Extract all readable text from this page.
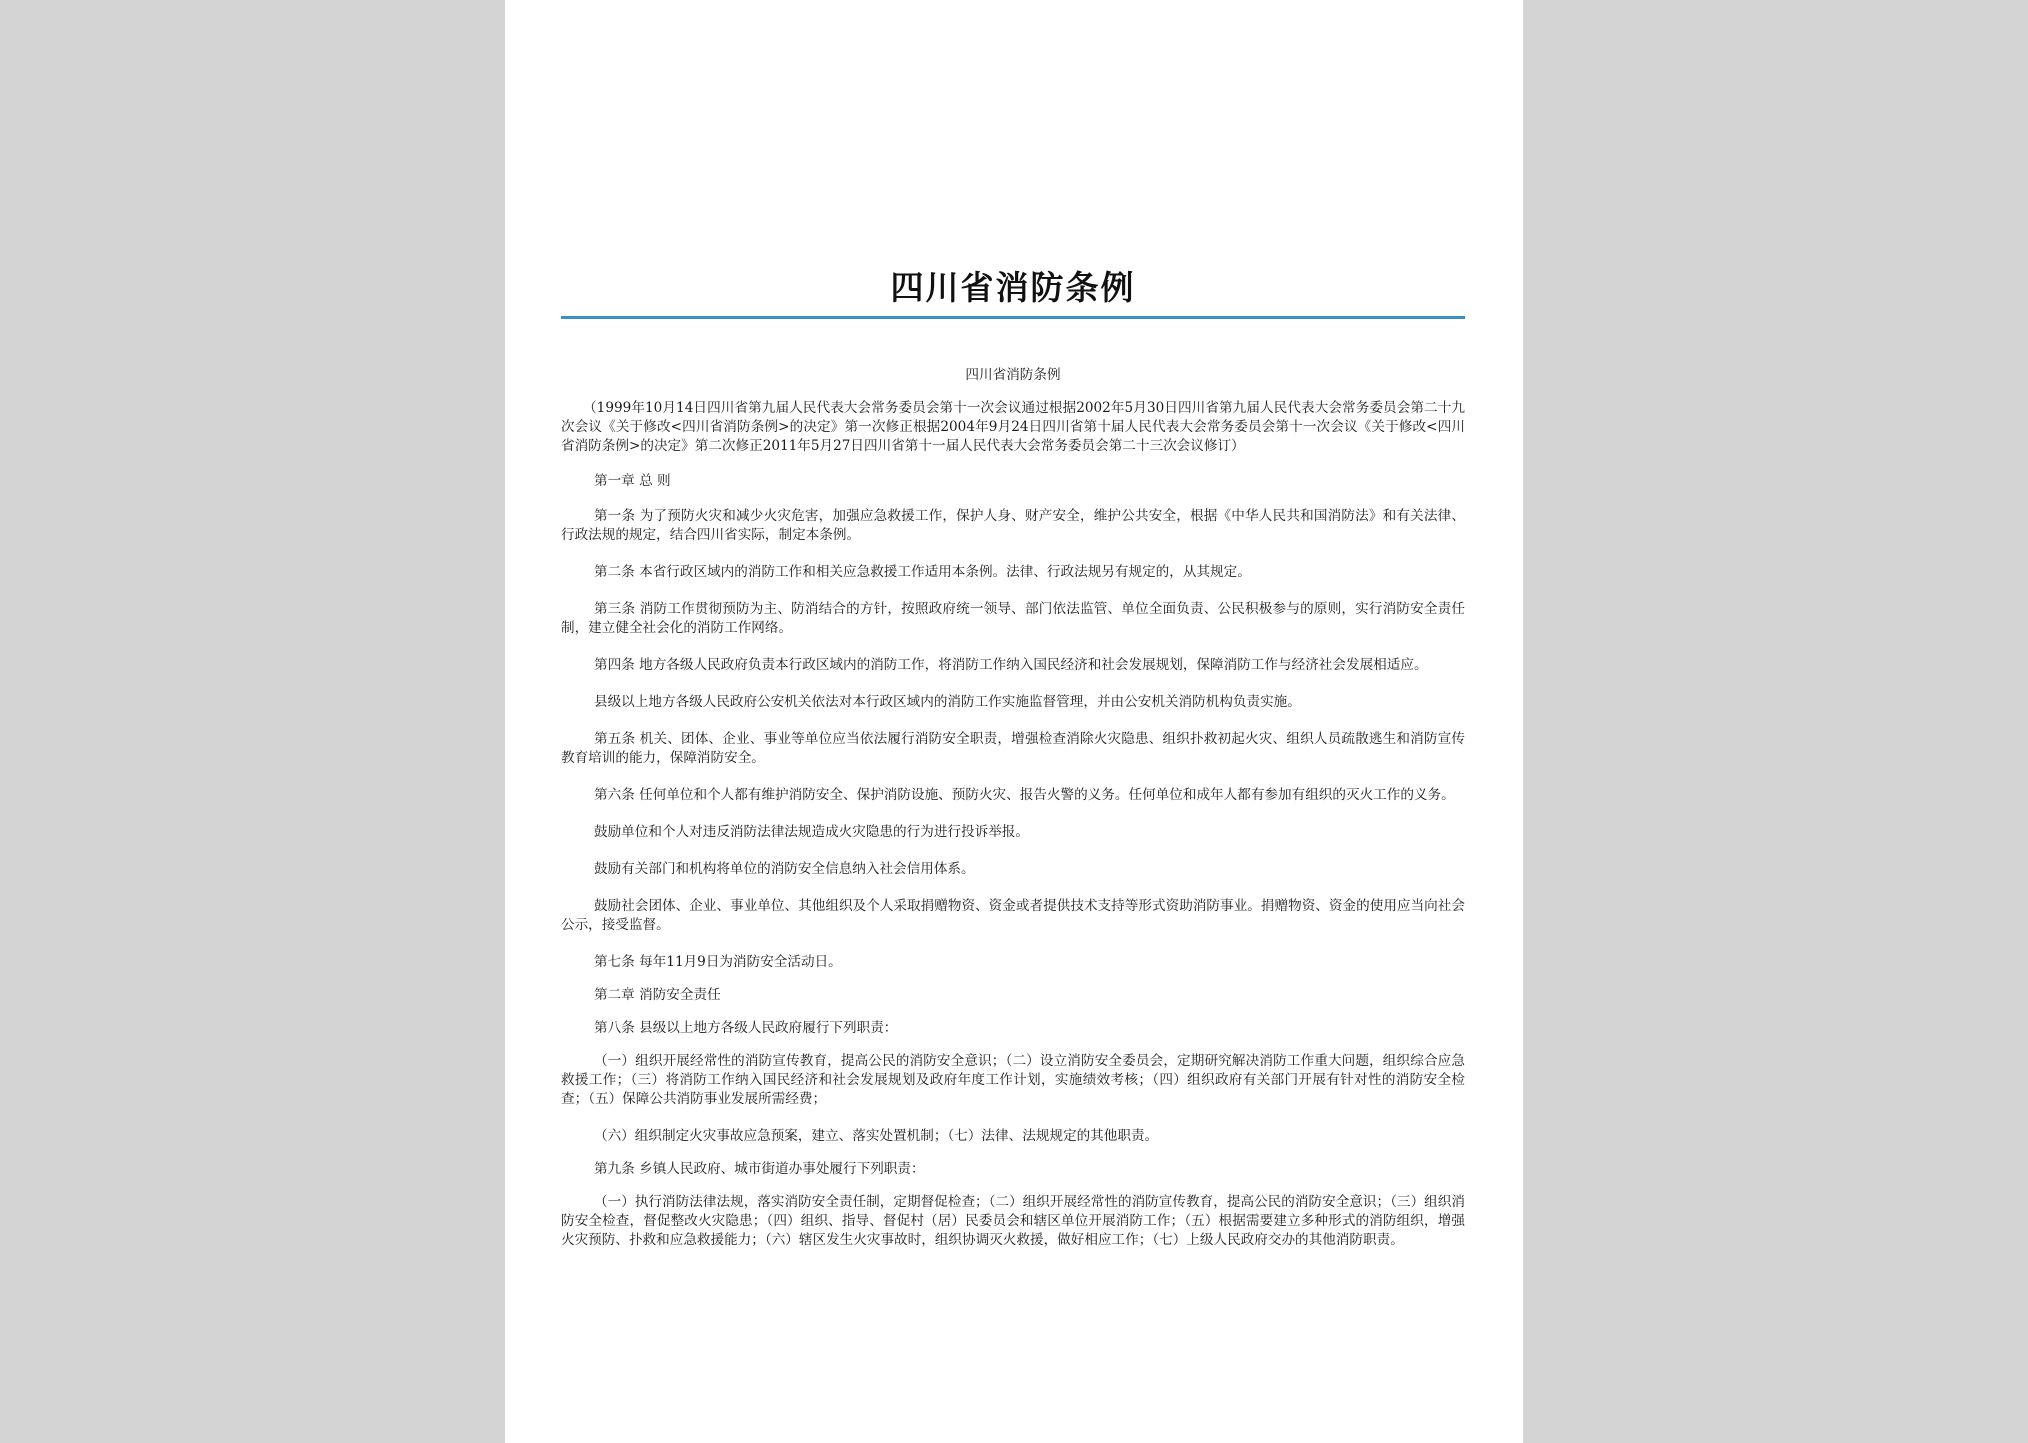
四川省消防条例
四川省消防条例

（1999年10月14日四川省第九届人民代表大会常务委员会第十一次会议通过根据2002年5月30日四川省第九届人民代表大会常务委员会第二十九次会议《关于修改<四川省消防条例>的决定》第一次修正根据2004年9月24日四川省第十届人民代表大会常务委员会第十一次会议《关于修改<四川省消防条例>的决定》第二次修正2011年5月27日四川省第十一届人民代表大会常务委员会第二十三次会议修订）

第一章 总 则

第一条 为了预防火灾和减少火灾危害，加强应急救援工作，保护人身、财产安全，维护公共安全，根据《中华人民共和国消防法》和有关法律、行政法规的规定，结合四川省实际，制定本条例。

第二条 本省行政区域内的消防工作和相关应急救援工作适用本条例。法律、行政法规另有规定的，从其规定。

第三条 消防工作贯彻预防为主、防消结合的方针，按照政府统一领导、部门依法监管、单位全面负责、公民积极参与的原则，实行消防安全责任制，建立健全社会化的消防工作网络。

第四条 地方各级人民政府负责本行政区域内的消防工作，将消防工作纳入国民经济和社会发展规划，保障消防工作与经济社会发展相适应。

县级以上地方各级人民政府公安机关依法对本行政区域内的消防工作实施监督管理，并由公安机关消防机构负责实施。

第五条 机关、团体、企业、事业等单位应当依法履行消防安全职责，增强检查消除火灾隐患、组织扑救初起火灾、组织人员疏散逃生和消防宣传教育培训的能力，保障消防安全。

第六条 任何单位和个人都有维护消防安全、保护消防设施、预防火灾、报告火警的义务。任何单位和成年人都有参加有组织的灭火工作的义务。

鼓励单位和个人对违反消防法律法规造成火灾隐患的行为进行投诉举报。

鼓励有关部门和机构将单位的消防安全信息纳入社会信用体系。

鼓励社会团体、企业、事业单位、其他组织及个人采取捐赠物资、资金或者提供技术支持等形式资助消防事业。捐赠物资、资金的使用应当向社会公示，接受监督。

第七条 每年11月9日为消防安全活动日。

第二章 消防安全责任

第八条 县级以上地方各级人民政府履行下列职责：

（一）组织开展经常性的消防宣传教育，提高公民的消防安全意识；（二）设立消防安全委员会，定期研究解决消防工作重大问题，组织综合应急救援工作；（三）将消防工作纳入国民经济和社会发展规划及政府年度工作计划，实施绩效考核；（四）组织政府有关部门开展有针对性的消防安全检查；（五）保障公共消防事业发展所需经费；

（六）组织制定火灾事故应急预案，建立、落实处置机制；（七）法律、法规规定的其他职责。

第九条 乡镇人民政府、城市街道办事处履行下列职责：

（一）执行消防法律法规，落实消防安全责任制，定期督促检查；（二）组织开展经常性的消防宣传教育，提高公民的消防安全意识；（三）组织消防安全检查，督促整改火灾隐患；（四）组织、指导、督促村（居）民委员会和辖区单位开展消防工作；（五）根据需要建立多种形式的消防组织，增强火灾预防、扑救和应急救援能力；（六）辖区发生火灾事故时，组织协调灭火救援，做好相应工作；（七）上级人民政府交办的其他消防职责。
